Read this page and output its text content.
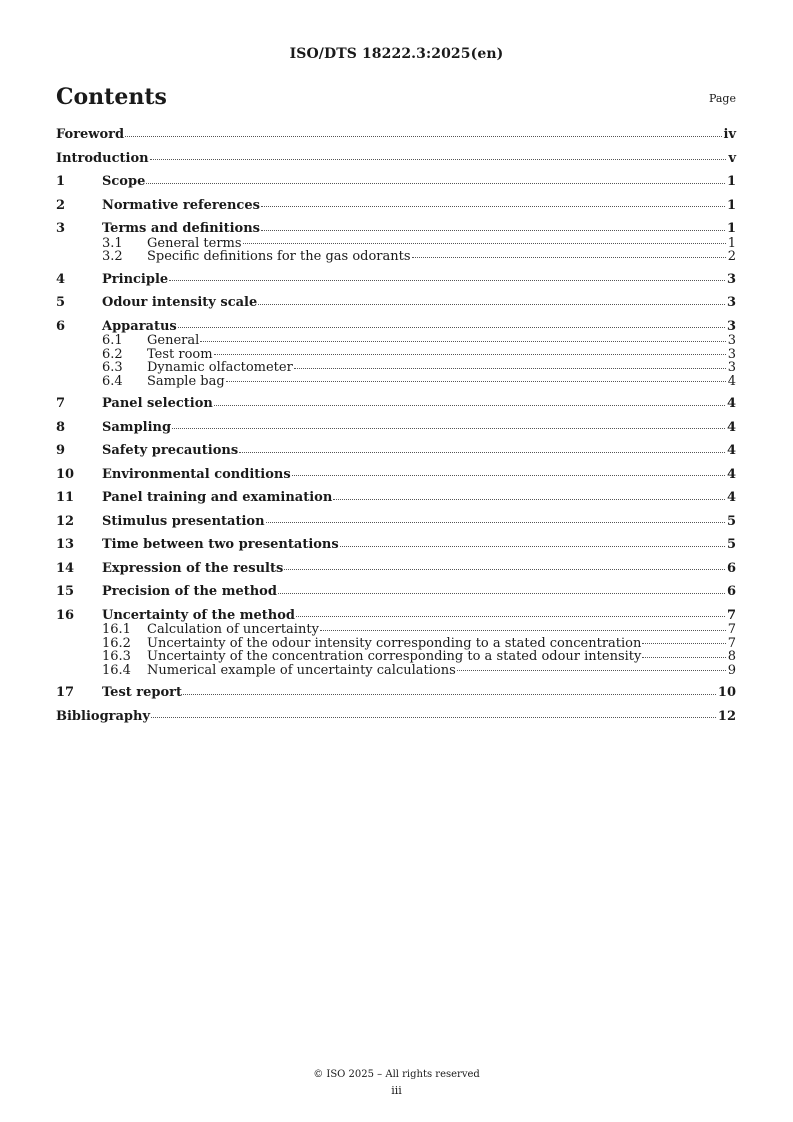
ISO/DTS 18222.3:2025(en)
Contents	Page
Foreword	iv
Introduction	v
1	Scope	1
2	Normative references	1
3	Terms and definitions	1
3.1	General terms	1
3.2	Specific definitions for the gas odorants	2
4	Principle	3
5	Odour intensity scale	3
6	Apparatus	3
6.1	General	3
6.2	Test room	3
6.3	Dynamic olfactometer	3
6.4	Sample bag	4
7	Panel selection	4
8	Sampling	4
9	Safety precautions	4
10	Environmental conditions	4
11	Panel training and examination	4
12	Stimulus presentation	5
13	Time between two presentations	5
14	Expression of the results	6
15	Precision of the method	6
16	Uncertainty of the method	7
16.1	Calculation of uncertainty	7
16.2	Uncertainty of the odour intensity corresponding to a stated concentration	7
16.3	Uncertainty of the concentration corresponding to a stated odour intensity	8
16.4	Numerical example of uncertainty calculations	9
17	Test report	10
Bibliography	12
© ISO 2025 – All rights reserved
iii
